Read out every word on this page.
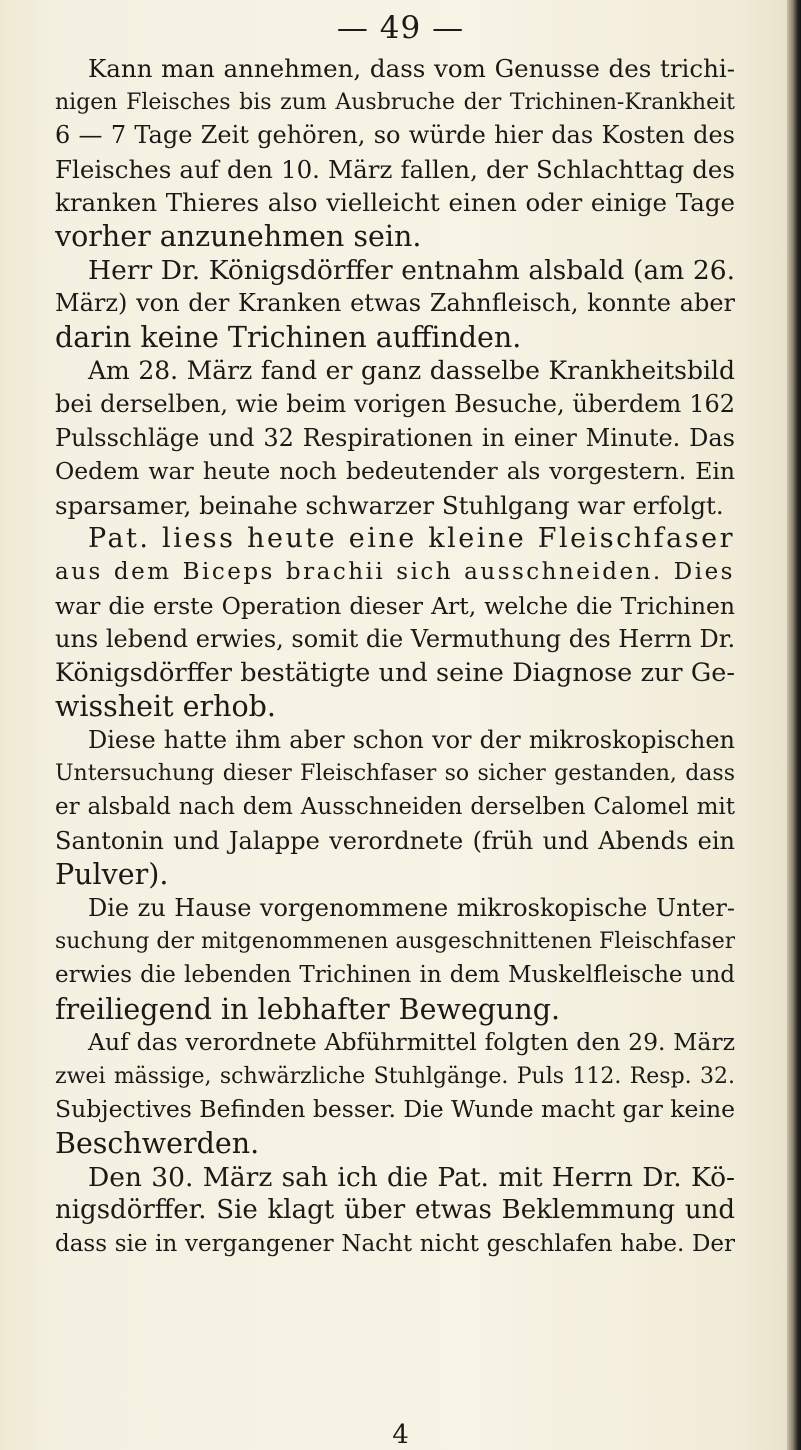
— 49 —
Kann man annehmen, dass vom Genusse des trichi-
nigen Fleisches bis zum Ausbruche der Trichinen-Krankheit
6 — 7 Tage Zeit gehören, so würde hier das Kosten des
Fleisches auf den 10. März fallen, der Schlachttag des
kranken Thieres also vielleicht einen oder einige Tage
vorher anzunehmen sein.
Herr Dr. Königsdörffer entnahm alsbald (am 26.
März) von der Kranken etwas Zahnfleisch, konnte aber
darin keine Trichinen auffinden.
Am 28. März fand er ganz dasselbe Krankheitsbild
bei derselben, wie beim vorigen Besuche, überdem 162
Pulsschläge und 32 Respirationen in einer Minute. Das
Oedem war heute noch bedeutender als vorgestern. Ein
sparsamer, beinahe schwarzer Stuhlgang war erfolgt.
Pat. liess heute eine kleine Fleischfaser
aus dem Biceps brachii sich ausschneiden. Dies
war die erste Operation dieser Art, welche die Trichinen
uns lebend erwies, somit die Vermuthung des Herrn Dr.
Königsdörffer bestätigte und seine Diagnose zur Ge-
wissheit erhob.
Diese hatte ihm aber schon vor der mikroskopischen
Untersuchung dieser Fleischfaser so sicher gestanden, dass
er alsbald nach dem Ausschneiden derselben Calomel mit
Santonin und Jalappe verordnete (früh und Abends ein
Pulver).
Die zu Hause vorgenommene mikroskopische Unter-
suchung der mitgenommenen ausgeschnittenen Fleischfaser
erwies die lebenden Trichinen in dem Muskelfleische und
freiliegend in lebhafter Bewegung.
Auf das verordnete Abführmittel folgten den 29. März
zwei mässige, schwärzliche Stuhlgänge. Puls 112. Resp. 32.
Subjectives Befinden besser. Die Wunde macht gar keine
Beschwerden.
Den 30. März sah ich die Pat. mit Herrn Dr. Kö-
nigsdörffer. Sie klagt über etwas Beklemmung und
dass sie in vergangener Nacht nicht geschlafen habe. Der
4
